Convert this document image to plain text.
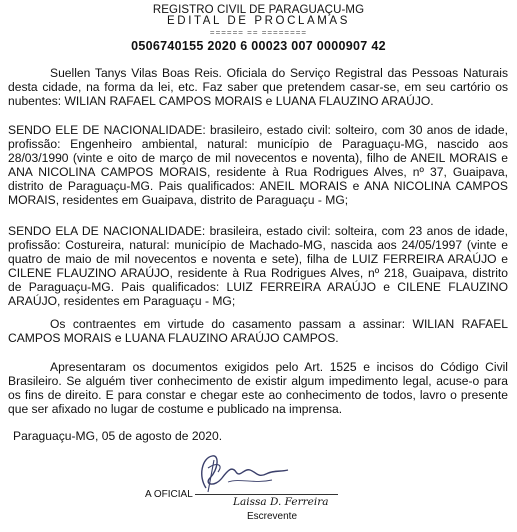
REGISTRO CIVIL DE PARAGUAÇU-MG
EDITAL DE PROCLAMAS
====== == ========
0506740155 2020 6 00023 007 0000907 42

Suellen Tanys Vilas Boas Reis. Oficiala do Serviço Registral das Pessoas Naturais desta cidade, na forma da lei, etc. Faz saber que pretendem casar-se, em seu cartório os nubentes: WILIAN RAFAEL CAMPOS MORAIS e LUANA FLAUZINO ARAÚJO.

SENDO ELE DE NACIONALIDADE: brasileiro, estado civil: solteiro, com 30 anos de idade, profissão: Engenheiro ambiental, natural: município de Paraguaçu-MG, nascido aos 28/03/1990 (vinte e oito de março de mil novecentos e noventa), filho de ANEIL MORAIS e ANA NICOLINA CAMPOS MORAIS, residente à Rua Rodrigues Alves, nº 37, Guaipava, distrito de Paraguaçu-MG. Pais qualificados: ANEIL MORAIS e ANA NICOLINA CAMPOS MORAIS, residentes em Guaipava, distrito de Paraguaçu - MG;

SENDO ELA DE NACIONALIDADE: brasileira, estado civil: solteira, com 23 anos de idade, profissão: Costureira, natural: município de Machado-MG, nascida aos 24/05/1997 (vinte e quatro de maio de mil novecentos e noventa e sete), filha de LUIZ FERREIRA ARAÚJO e CILENE FLAUZINO ARAÚJO, residente à Rua Rodrigues Alves, nº 218, Guaipava, distrito de Paraguaçu-MG. Pais qualificados: LUIZ FERREIRA ARAÚJO e CILENE FLAUZINO ARAÚJO, residentes em Paraguaçu - MG;

Os contraentes em virtude do casamento passam a assinar: WILIAN RAFAEL CAMPOS MORAIS e LUANA FLAUZINO ARAÚJO CAMPOS.

Apresentaram os documentos exigidos pelo Art. 1525 e incisos do Código Civil Brasileiro. Se alguém tiver conhecimento de existir algum impedimento legal, acuse-o para os fins de direito. E para constar e chegar este ao conhecimento de todos, lavro o presente que ser afixado no lugar de costume e publicado na imprensa.

Paraguaçu-MG, 05 de agosto de 2020.
A OFICIAL
Laissa D. Ferreira
Escrevente
